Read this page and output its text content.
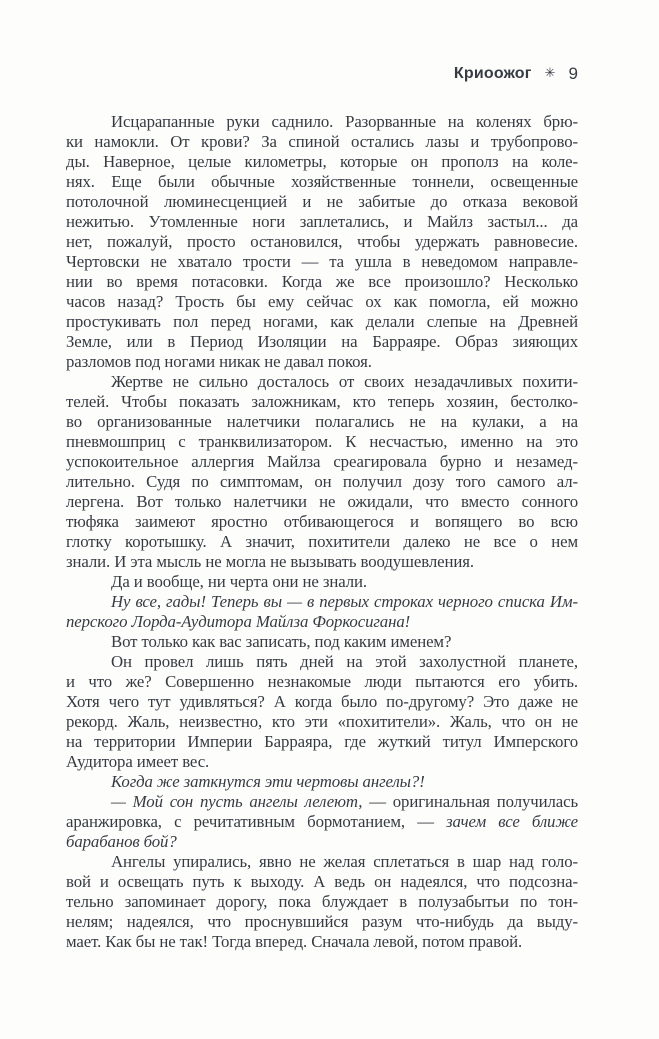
Криоожог ✳ 9
Исцарапанные руки саднило. Разорванные на коленях брю-
ки намокли. От крови? За спиной остались лазы и трубопрово-
ды. Наверное, целые километры, которые он прополз на коле-
нях. Еще были обычные хозяйственные тоннели, освещенные
потолочной люминесценцией и не забитые до отказа вековой
нежитью. Утомленные ноги заплетались, и Майлз застыл... да
нет, пожалуй, просто остановился, чтобы удержать равновесие.
Чертовски не хватало трости — та ушла в неведомом направле-
нии во время потасовки. Когда же все произошло? Несколько
часов назад? Трость бы ему сейчас ох как помогла, ей можно
простукивать пол перед ногами, как делали слепые на Древней
Земле, или в Период Изоляции на Барраяре. Образ зияющих
разломов под ногами никак не давал покоя.
Жертве не сильно досталось от своих незадачливых похити-
телей. Чтобы показать заложникам, кто теперь хозяин, бестолко-
во организованные налетчики полагались не на кулаки, а на
пневмошприц с транквилизатором. К несчастью, именно на это
успокоительное аллергия Майлза среагировала бурно и незамед-
лительно. Судя по симптомам, он получил дозу того самого ал-
лергена. Вот только налетчики не ожидали, что вместо сонного
тюфяка заимеют яростно отбивающегося и вопящего во всю
глотку коротышку. А значит, похитители далеко не все о нем
знали. И эта мысль не могла не вызывать воодушевления.
Да и вообще, ни черта они не знали.
Ну все, гады! Теперь вы — в первых строках черного списка Им-
перского Лорда-Аудитора Майлза Форкосигана!
Вот только как вас записать, под каким именем?
Он провел лишь пять дней на этой захолустной планете,
и что же? Совершенно незнакомые люди пытаются его убить.
Хотя чего тут удивляться? А когда было по-другому? Это даже не
рекорд. Жаль, неизвестно, кто эти «похитители». Жаль, что он не
на территории Империи Барраяра, где жуткий титул Имперского
Аудитора имеет вес.
Когда же заткнутся эти чертовы ангелы?!
— Мой сон пусть ангелы лелеют, — оригинальная получилась
аранжировка, с речитативным бормотанием, — зачем все ближе
барабанов бой?
Ангелы упирались, явно не желая сплетаться в шар над голо-
вой и освещать путь к выходу. А ведь он надеялся, что подсозна-
тельно запоминает дорогу, пока блуждает в полузабытьи по тон-
нелям; надеялся, что проснувшийся разум что-нибудь да выду-
мает. Как бы не так! Тогда вперед. Сначала левой, потом правой.
